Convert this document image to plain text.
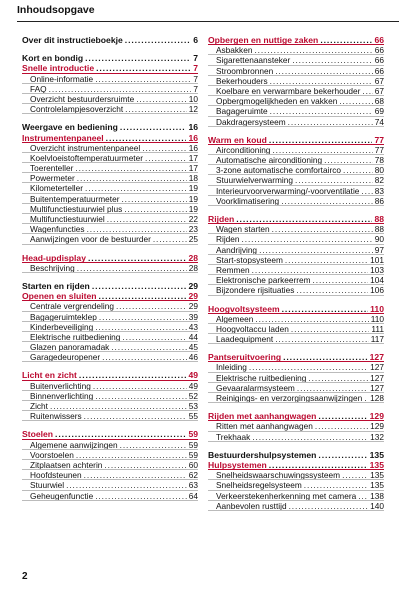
Inhoudsopgave
Over dit instructieboekje .....	6
Kort en bondig .....	7
Snelle introductie .....	7
Online-informatie .....	7
FAQ .....	7
Overzicht bestuurdersruimte .....	10
Controlelampjesoverzicht .....	12
Weergave en bediening .....	16
Instrumentenpaneel .....	16
Overzicht instrumentenpaneel .....	16
Koelvloeistoftemperatuurmeter .....	17
Toerenteller .....	17
Powermeter .....	18
Kilometerteller .....	19
Buitentemperatuurmeter .....	19
Multifunctiestuurwiel plus .....	19
Multifunctiestuurwiel .....	22
Wagenfuncties .....	23
Aanwijzingen voor de bestuurder .....	25
Head-updisplay .....	28
Beschrijving .....	28
Starten en rijden .....	29
Openen en sluiten .....	29
Centrale vergrendeling .....	29
Bagageruimteklep .....	39
Kinderbeveiliging .....	43
Elektrische ruitbediening .....	44
Glazen panoramadak .....	45
Garagedeuropener .....	46
Licht en zicht .....	49
Buitenverlichting .....	49
Binnenverlichting .....	52
Zicht .....	53
Ruitenwissers .....	55
Stoelen .....	59
Algemene aanwijzingen .....	59
Voorstoelen .....	59
Zitplaatsen achterin .....	60
Hoofdsteunen .....	62
Stuurwiel .....	63
Geheugenfunctie .....	64
Opbergen en nuttige zaken .....	66
Asbakken .....	66
Sigarettenaansteker .....	66
Stroombronnen .....	66
Bekerhouders .....	67
Koelbare en verwarmbare bekerhouder ..... 67
Opbergmogelijkheden en vakken .....	68
Bagageruimte .....	69
Dakdragersysteem .....	74
Warm en koud .....	77
Airconditioning .....	77
Automatische airconditioning .....	78
3-zone automatische comfortairco .....	80
Stuurwielverwarming .....	82
Interieurvoorverwarming/-voorventilatie ..... 83
Voorklimatisering .....	86
Rijden .....	88
Wagen starten .....	88
Rijden .....	90
Aandrijving .....	97
Start-stopsysteem .....	101
Remmen .....	103
Elektronische parkeerrem .....	104
Bijzondere rijsituaties .....	106
Hoogvoltsysteem .....	110
Algemeen .....	110
Hoogvoltaccu laden .....	111
Laadequipment .....	117
Pantseruitvoering .....	127
Inleiding .....	127
Elektrische ruitbediening .....	127
Gevaaralarmsysteem .....	127
Reinigings- en verzorgingsaanwijzingen ..... 128
Rijden met aanhangwagen .....	129
Ritten met aanhangwagen .....	129
Trekhaak .....	132
Bestuurdershulpsystemen .....	135
Hulpsystemen .....	135
Snelheidswaarschuwingssysteem .....	135
Snelheidsregelsysteem .....	135
Verkeerstekenherkenning met camera ..... 138
Aanbevolen rusttijd .....	140
2
